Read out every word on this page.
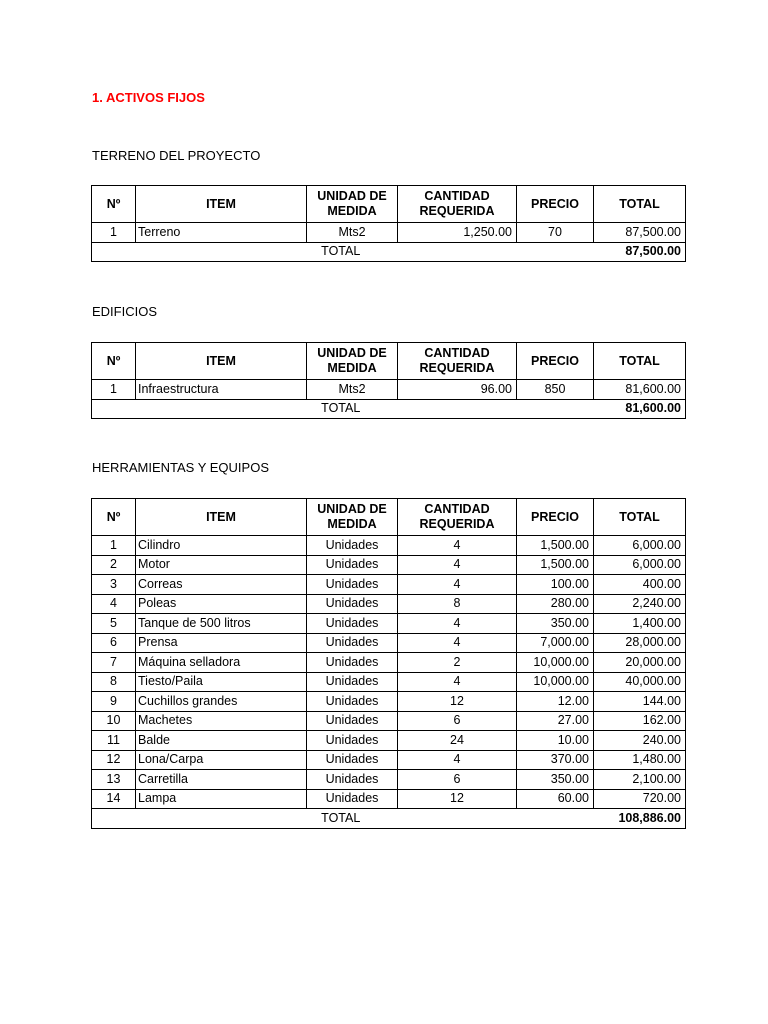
1. ACTIVOS FIJOS
TERRENO DEL PROYECTO
Nº	ITEM	UNIDAD DE MEDIDA	CANTIDAD REQUERIDA	PRECIO	TOTAL
1	Terreno	Mts2	1,250.00	70	87,500.00
TOTAL					87,500.00
EDIFICIOS
Nº	ITEM	UNIDAD DE MEDIDA	CANTIDAD REQUERIDA	PRECIO	TOTAL
1	Infraestructura	Mts2	96.00	850	81,600.00
TOTAL					81,600.00
HERRAMIENTAS Y EQUIPOS
Nº	ITEM	UNIDAD DE MEDIDA	CANTIDAD REQUERIDA	PRECIO	TOTAL
1	Cilindro	Unidades	4	1,500.00	6,000.00
2	Motor	Unidades	4	1,500.00	6,000.00
3	Correas	Unidades	4	100.00	400.00
4	Poleas	Unidades	8	280.00	2,240.00
5	Tanque de 500 litros	Unidades	4	350.00	1,400.00
6	Prensa	Unidades	4	7,000.00	28,000.00
7	Máquina selladora	Unidades	2	10,000.00	20,000.00
8	Tiesto/Paila	Unidades	4	10,000.00	40,000.00
9	Cuchillos grandes	Unidades	12	12.00	144.00
10	Machetes	Unidades	6	27.00	162.00
11	Balde	Unidades	24	10.00	240.00
12	Lona/Carpa	Unidades	4	370.00	1,480.00
13	Carretilla	Unidades	6	350.00	2,100.00
14	Lampa	Unidades	12	60.00	720.00
TOTAL					108,886.00
